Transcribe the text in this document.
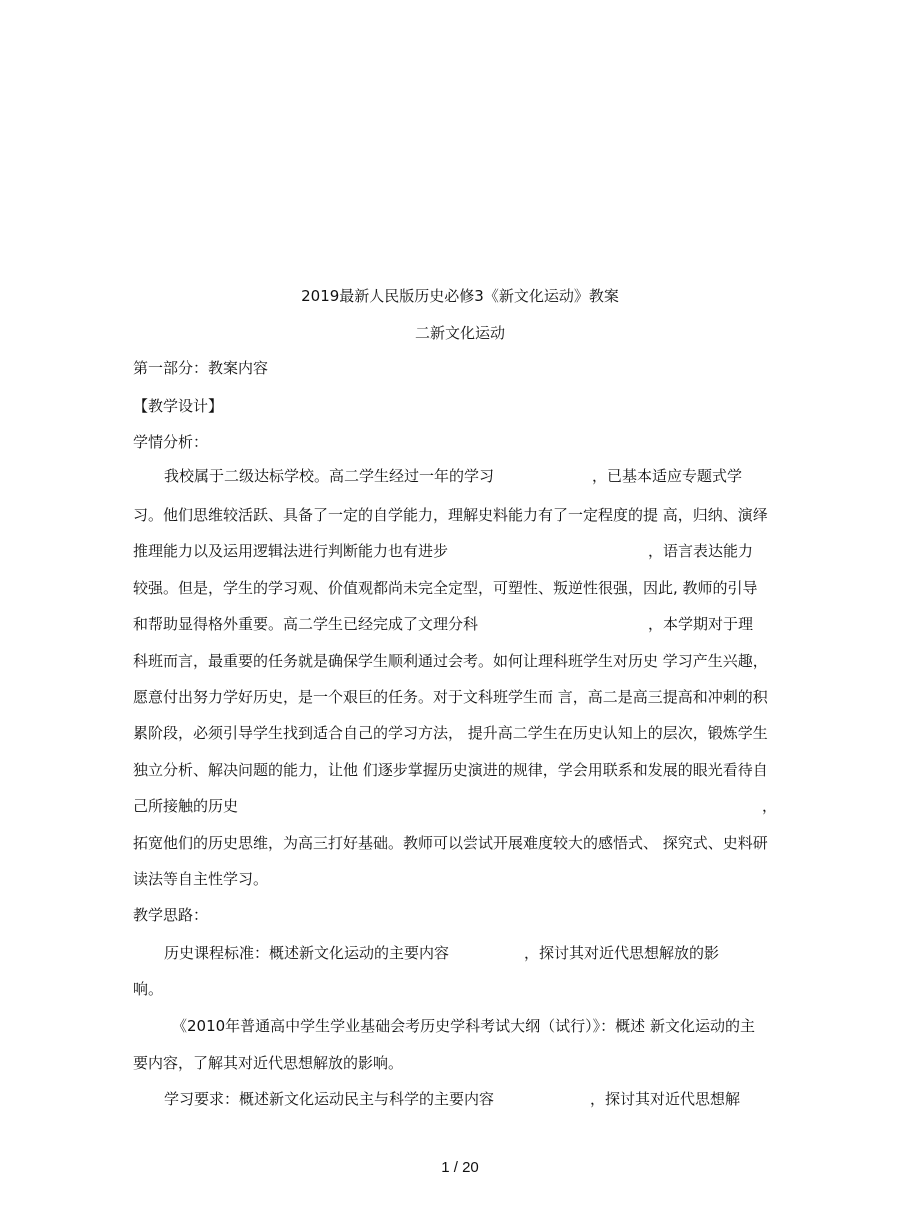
2019最新人民版历史必修3《新文化运动》教案
二新文化运动
第一部分：教案内容
【教学设计】
学情分析：
我校属于二级达标学校。高二学生经过一年的学习	，已基本适应专题式学
习。他们思维较活跃、具备了一定的自学能力，理解史料能力有了一定程度的提 高，归纳、演绎
推理能力以及运用逻辑法进行判断能力也有进步	，语言表达能力
较强。但是，学生的学习观、价值观都尚未完全定型，可塑性、叛逆性很强，因此, 教师的引导
和帮助显得格外重要。高二学生已经完成了文理分科	，本学期对于理
科班而言，最重要的任务就是确保学生顺利通过会考。如何让理科班学生对历史 学习产生兴趣，
愿意付出努力学好历史，是一个艰巨的任务。对于文科班学生而 言，高二是高三提高和冲刺的积
累阶段，必须引导学生找到适合自己的学习方法， 提升高二学生在历史认知上的层次，锻炼学生
独立分析、解决问题的能力，让他 们逐步掌握历史演进的规律，学会用联系和发展的眼光看待自
己所接触的历史	，
拓宽他们的历史思维，为高三打好基础。教师可以尝试开展难度较大的感悟式、 探究式、史料研
读法等自主性学习。
教学思路：
历史课程标准：概述新文化运动的主要内容	，探讨其对近代思想解放的影
响。
《2010年普通高中学生学业基础会考历史学科考试大纲（试行）》：概述 新文化运动的主
要内容，了解其对近代思想解放的影响。
学习要求：概述新文化运动民主与科学的主要内容	，探讨其对近代思想解
1 / 20
